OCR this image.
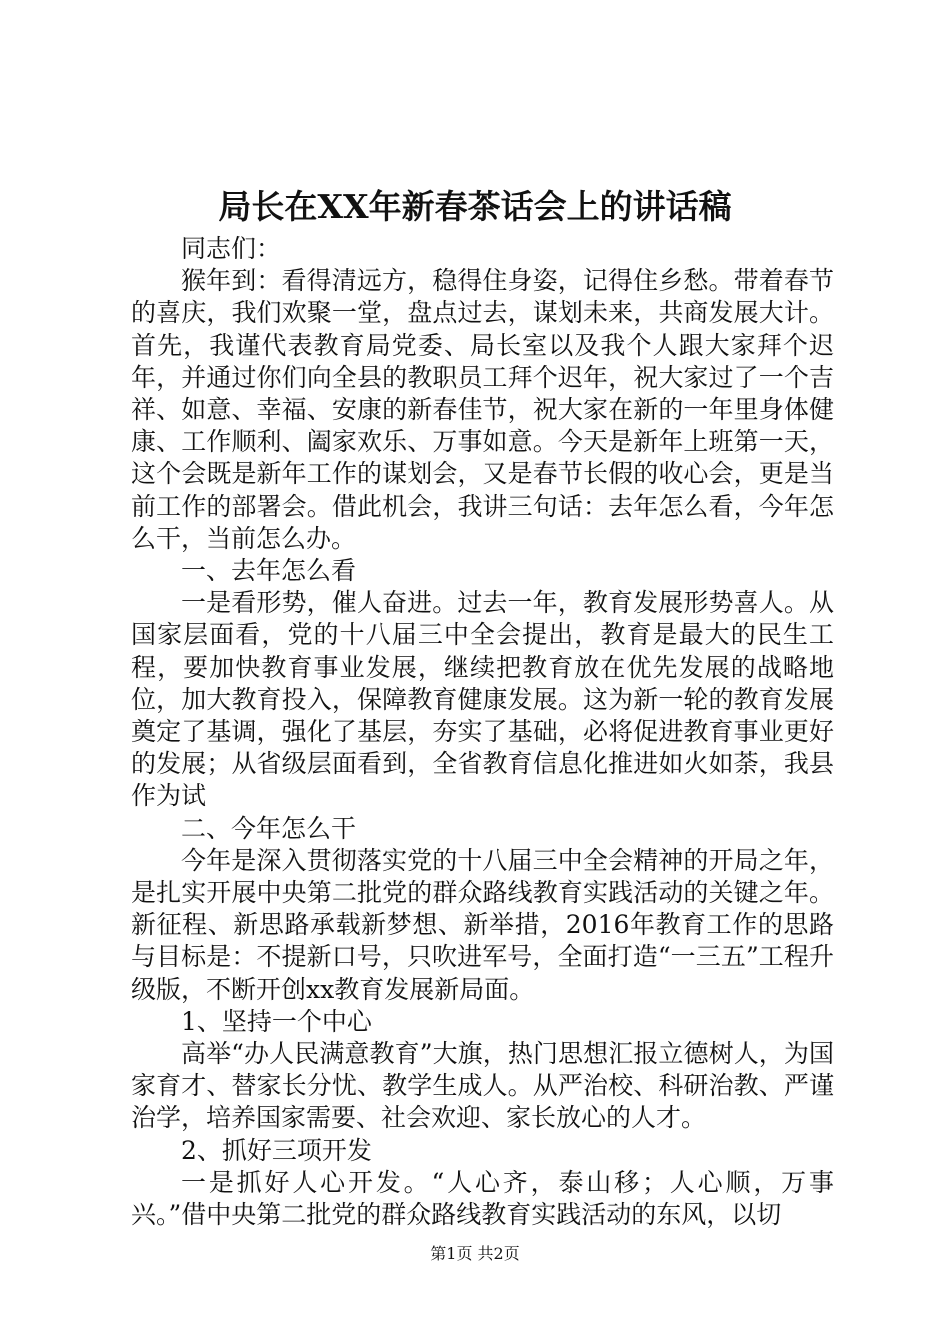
局长在XX年新春茶话会上的讲话稿

同志们：

猴年到：看得清远方，稳得住身姿，记得住乡愁。带着春节的喜庆，我们欢聚一堂，盘点过去，谋划未来，共商发展大计。首先，我谨代表教育局党委、局长室以及我个人跟大家拜个迟年，并通过你们向全县的教职员工拜个迟年，祝大家过了一个吉祥、如意、幸福、安康的新春佳节，祝大家在新的一年里身体健康、工作顺利、阖家欢乐、万事如意。今天是新年上班第一天，这个会既是新年工作的谋划会，又是春节长假的收心会，更是当前工作的部署会。借此机会，我讲三句话：去年怎么看，今年怎么干，当前怎么办。

一、去年怎么看

一是看形势，催人奋进。过去一年，教育发展形势喜人。从国家层面看，党的十八届三中全会提出，教育是最大的民生工程，要加快教育事业发展，继续把教育放在优先发展的战略地位，加大教育投入，保障教育健康发展。这为新一轮的教育发展奠定了基调，强化了基层，夯实了基础，必将促进教育事业更好的发展；从省级层面看到，全省教育信息化推进如火如荼，我县作为试

二、今年怎么干

今年是深入贯彻落实党的十八届三中全会精神的开局之年，是扎实开展中央第二批党的群众路线教育实践活动的关键之年。新征程、新思路承载新梦想、新举措，2016年教育工作的思路与目标是：不提新口号，只吹进军号，全面打造“一三五”工程升级版，不断开创xx教育发展新局面。

1、坚持一个中心

高举“办人民满意教育”大旗，热门思想汇报立德树人，为国家育才、替家长分忧、教学生成人。从严治校、科研治教、严谨治学，培养国家需要、社会欢迎、家长放心的人才。

2、抓好三项开发

一是抓好人心开发。“人心齐，泰山移；人心顺，万事兴。”借中央第二批党的群众路线教育实践活动的东风，以切

第1页 共2页
